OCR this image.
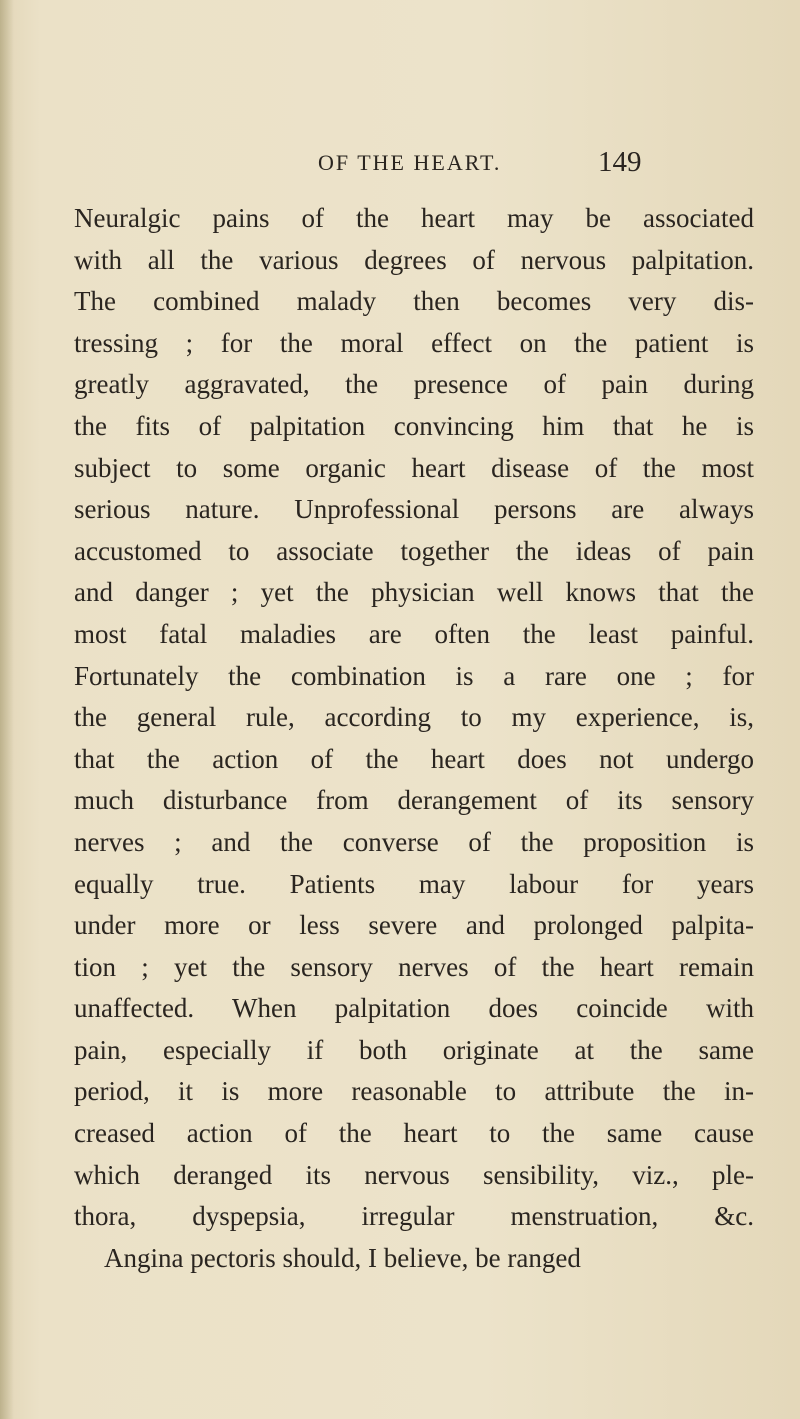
OF THE HEART.	149
Neuralgic pains of the heart may be associated
with all the various degrees of nervous palpitation.
The combined malady then becomes very dis-
tressing ; for the moral effect on the patient is
greatly aggravated, the presence of pain during
the fits of palpitation convincing him that he is
subject to some organic heart disease of the most
serious nature. Unprofessional persons are always
accustomed to associate together the ideas of pain
and danger ; yet the physician well knows that the
most fatal maladies are often the least painful.
Fortunately the combination is a rare one ; for
the general rule, according to my experience, is,
that the action of the heart does not undergo
much disturbance from derangement of its sensory
nerves ; and the converse of the proposition is
equally true. Patients may labour for years
under more or less severe and prolonged palpita-
tion ; yet the sensory nerves of the heart remain
unaffected. When palpitation does coincide with
pain, especially if both originate at the same
period, it is more reasonable to attribute the in-
creased action of the heart to the same cause
which deranged its nervous sensibility, viz., ple-
thora, dyspepsia, irregular menstruation, &c.
Angina pectoris should, I believe, be ranged
